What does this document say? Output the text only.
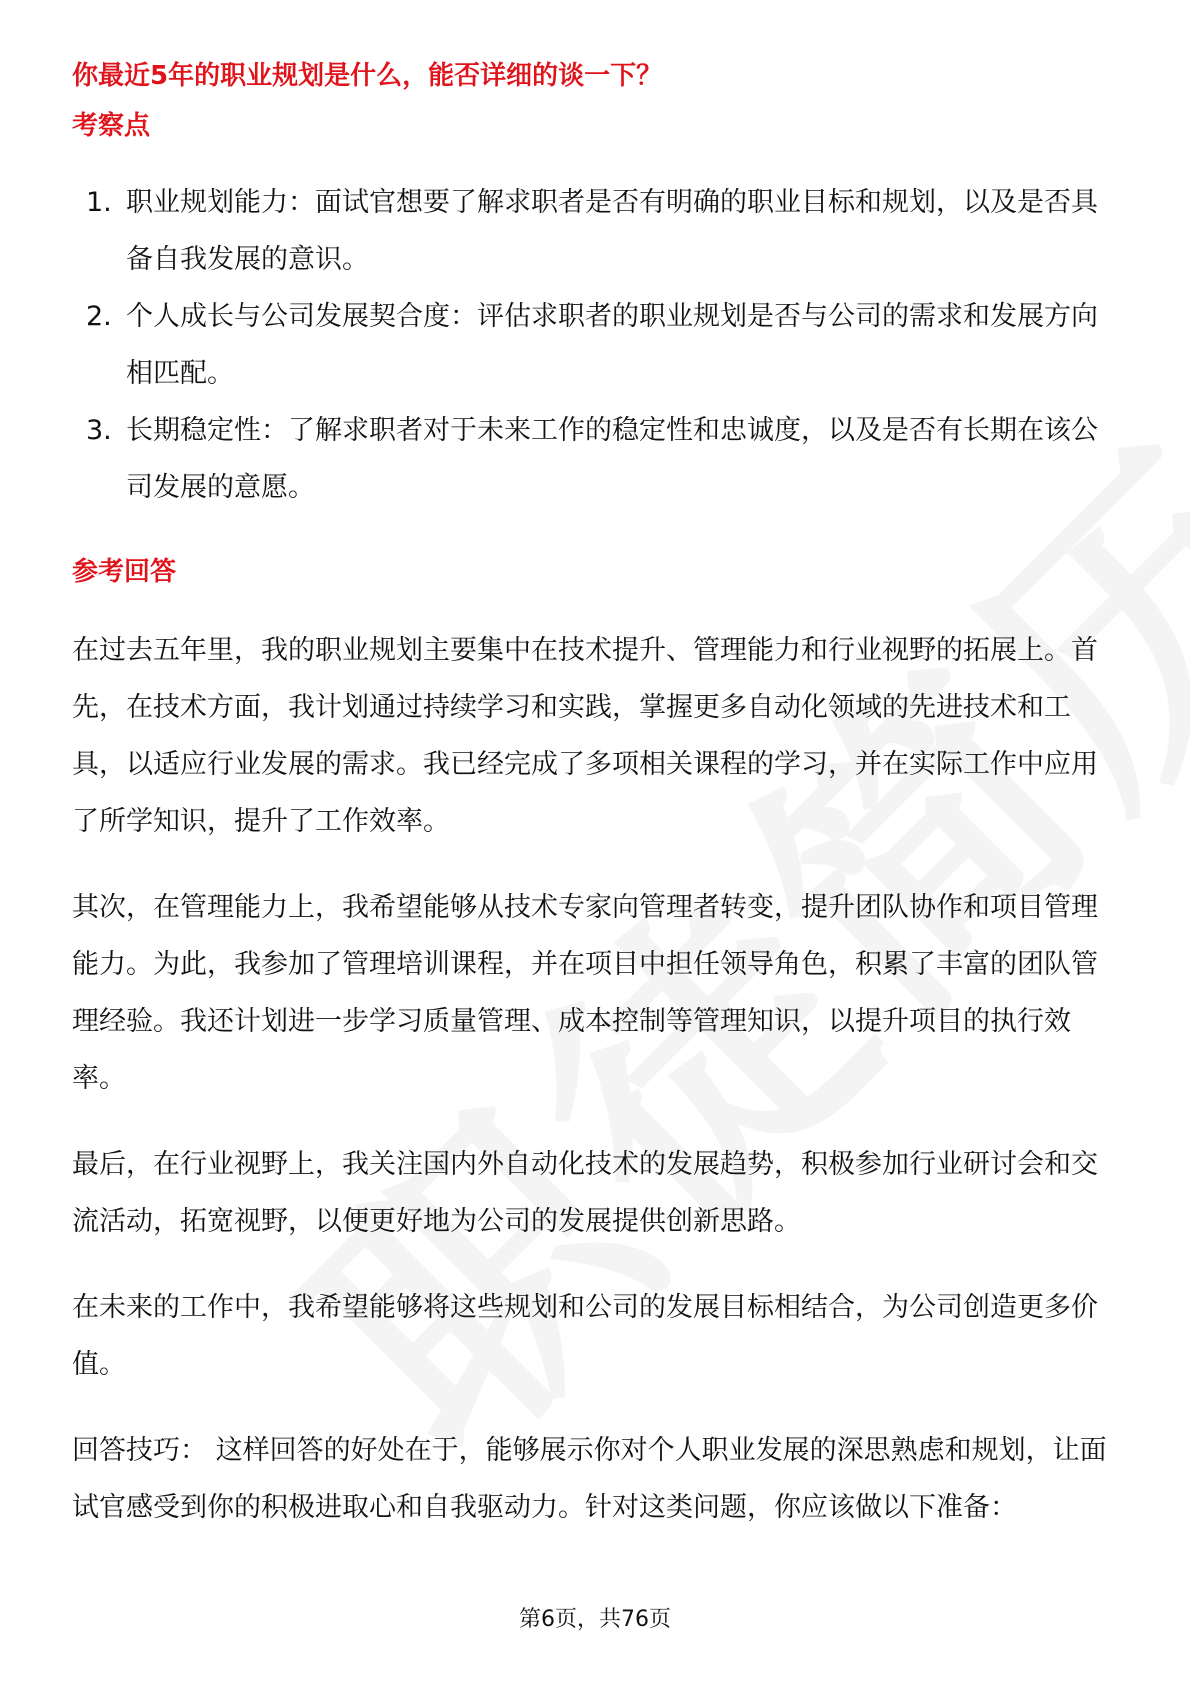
你最近5年的职业规划是什么，能否详细的谈一下？
考察点
1. 职业规划能力：面试官想要了解求职者是否有明确的职业目标和规划，以及是否具备自我发展的意识。
2. 个人成长与公司发展契合度：评估求职者的职业规划是否与公司的需求和发展方向相匹配。
3. 长期稳定性：了解求职者对于未来工作的稳定性和忠诚度，以及是否有长期在该公司发展的意愿。
参考回答

在过去五年里，我的职业规划主要集中在技术提升、管理能力和行业视野的拓展上。首先，在技术方面，我计划通过持续学习和实践，掌握更多自动化领域的先进技术和工具，以适应行业发展的需求。我已经完成了多项相关课程的学习，并在实际工作中应用了所学知识，提升了工作效率。

其次，在管理能力上，我希望能够从技术专家向管理者转变，提升团队协作和项目管理能力。为此，我参加了管理培训课程，并在项目中担任领导角色，积累了丰富的团队管理经验。我还计划进一步学习质量管理、成本控制等管理知识，以提升项目的执行效率。

最后，在行业视野上，我关注国内外自动化技术的发展趋势，积极参加行业研讨会和交流活动，拓宽视野，以便更好地为公司的发展提供创新思路。

在未来的工作中，我希望能够将这些规划和公司的发展目标相结合，为公司创造更多价值。

回答技巧： 这样回答的好处在于，能够展示你对个人职业发展的深思熟虑和规划，让面试官感受到你的积极进取心和自我驱动力。针对这类问题，你应该做以下准备：

第6页，共76页
